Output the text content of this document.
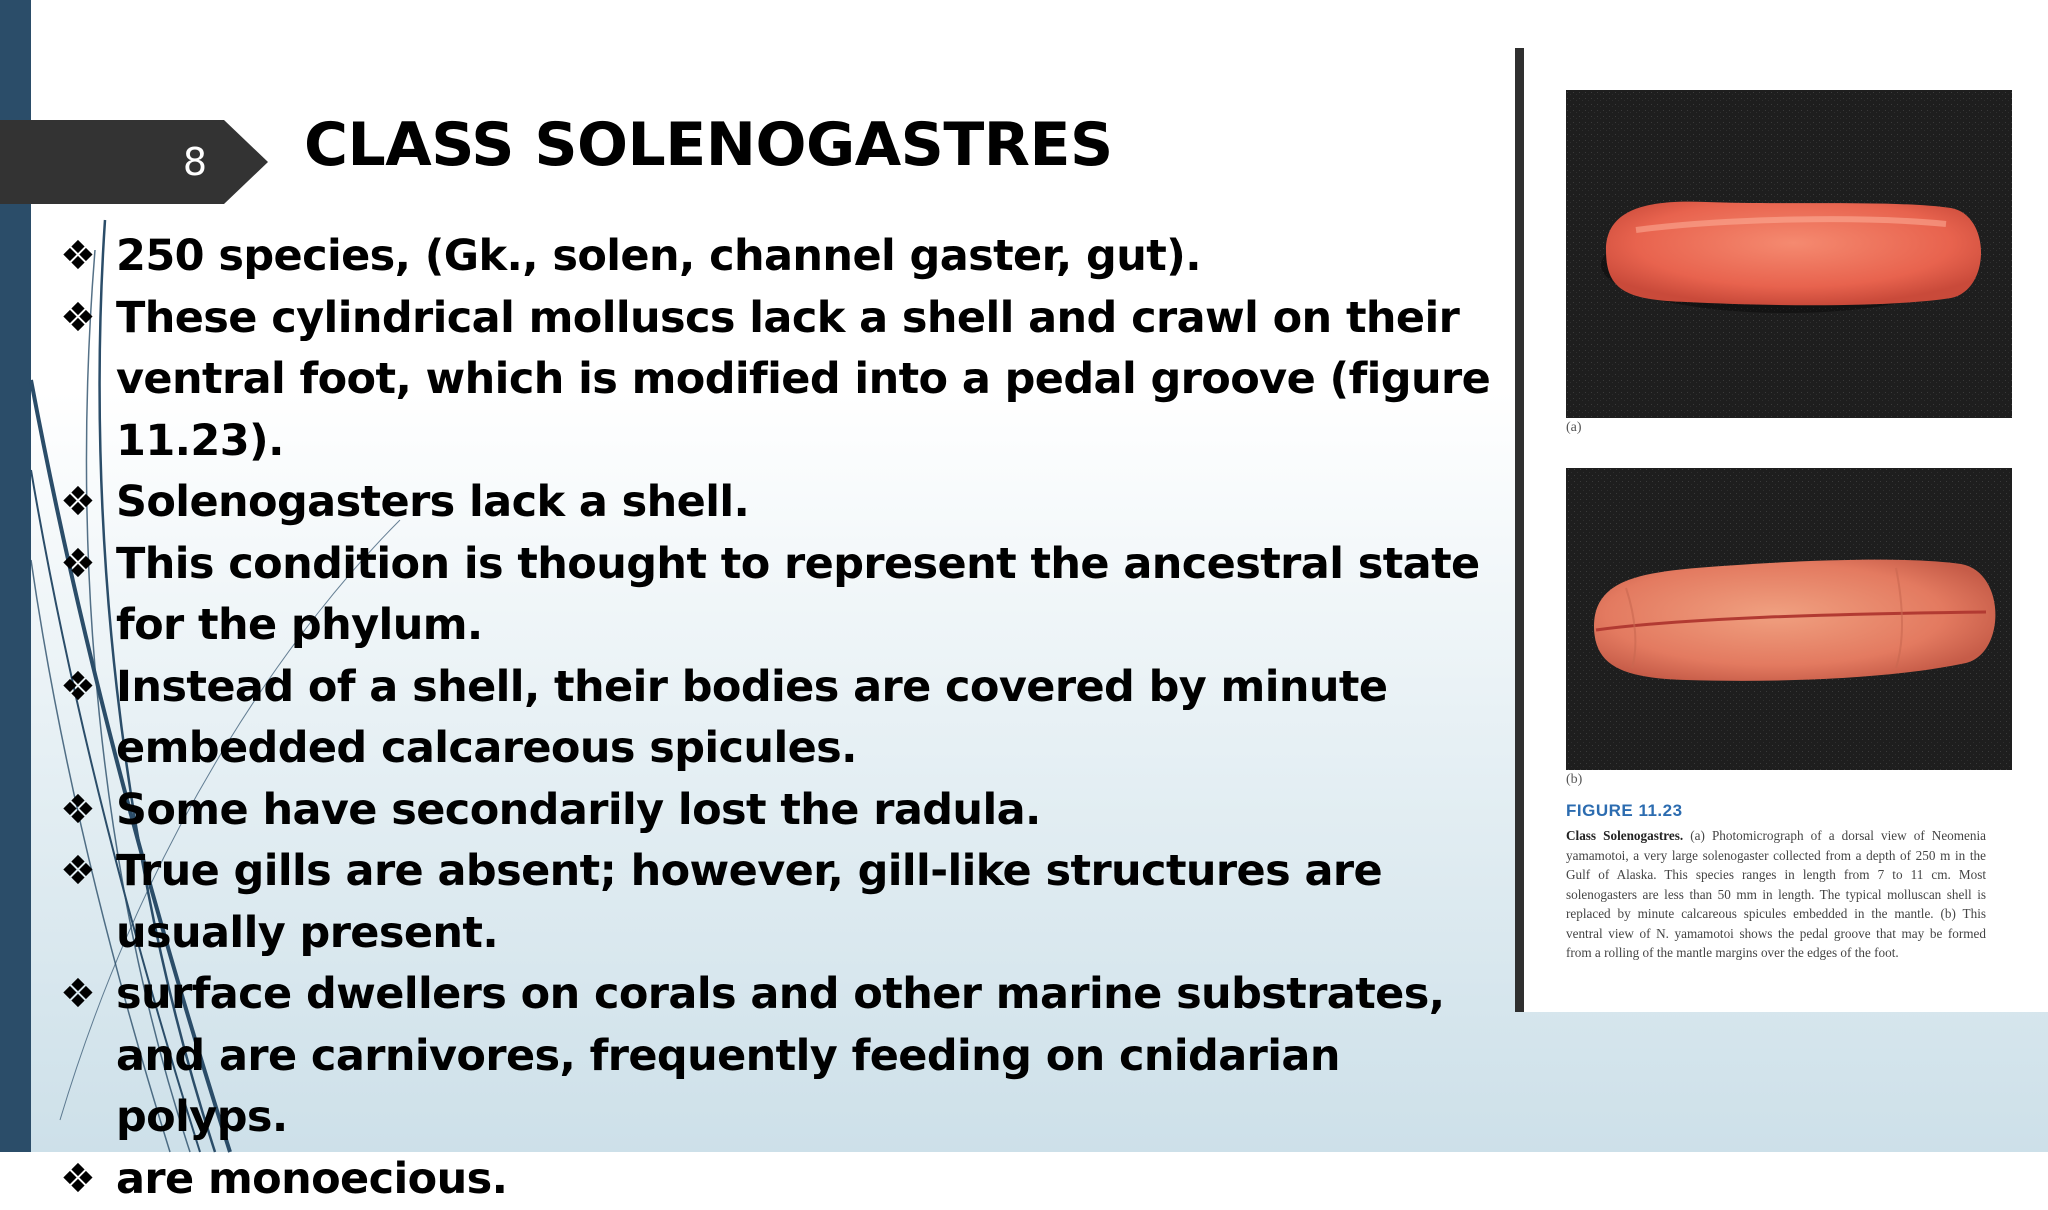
8	CLASS SOLENOGASTRES
❖ 250 species, (Gk., solen, channel gaster, gut).
❖ These cylindrical molluscs lack a shell and crawl on their ventral foot, which is modified into a pedal groove (figure 11.23).
❖ Solenogasters lack a shell.
❖ This condition is thought to represent the ancestral state for the phylum.
❖ Instead of a shell, their bodies are covered by minute embedded calcareous spicules.
❖ Some have secondarily lost the radula.
❖ True gills are absent; however, gill-like structures are usually present.
❖ surface dwellers on corals and other marine substrates, and are carnivores, frequently feeding on cnidarian polyps.
❖ are monoecious.
(a)
(b)
FIGURE 11.23
Class Solenogastres. (a) Photomicrograph of a dorsal view of Neomenia yamamotoi, a very large solenogaster collected from a depth of 250 m in the Gulf of Alaska. This species ranges in length from 7 to 11 cm. Most solenogasters are less than 50 mm in length. The typical molluscan shell is replaced by minute calcareous spicules embedded in the mantle. (b) This ventral view of N. yamamotoi shows the pedal groove that may be formed from a rolling of the mantle margins over the edges of the foot.
